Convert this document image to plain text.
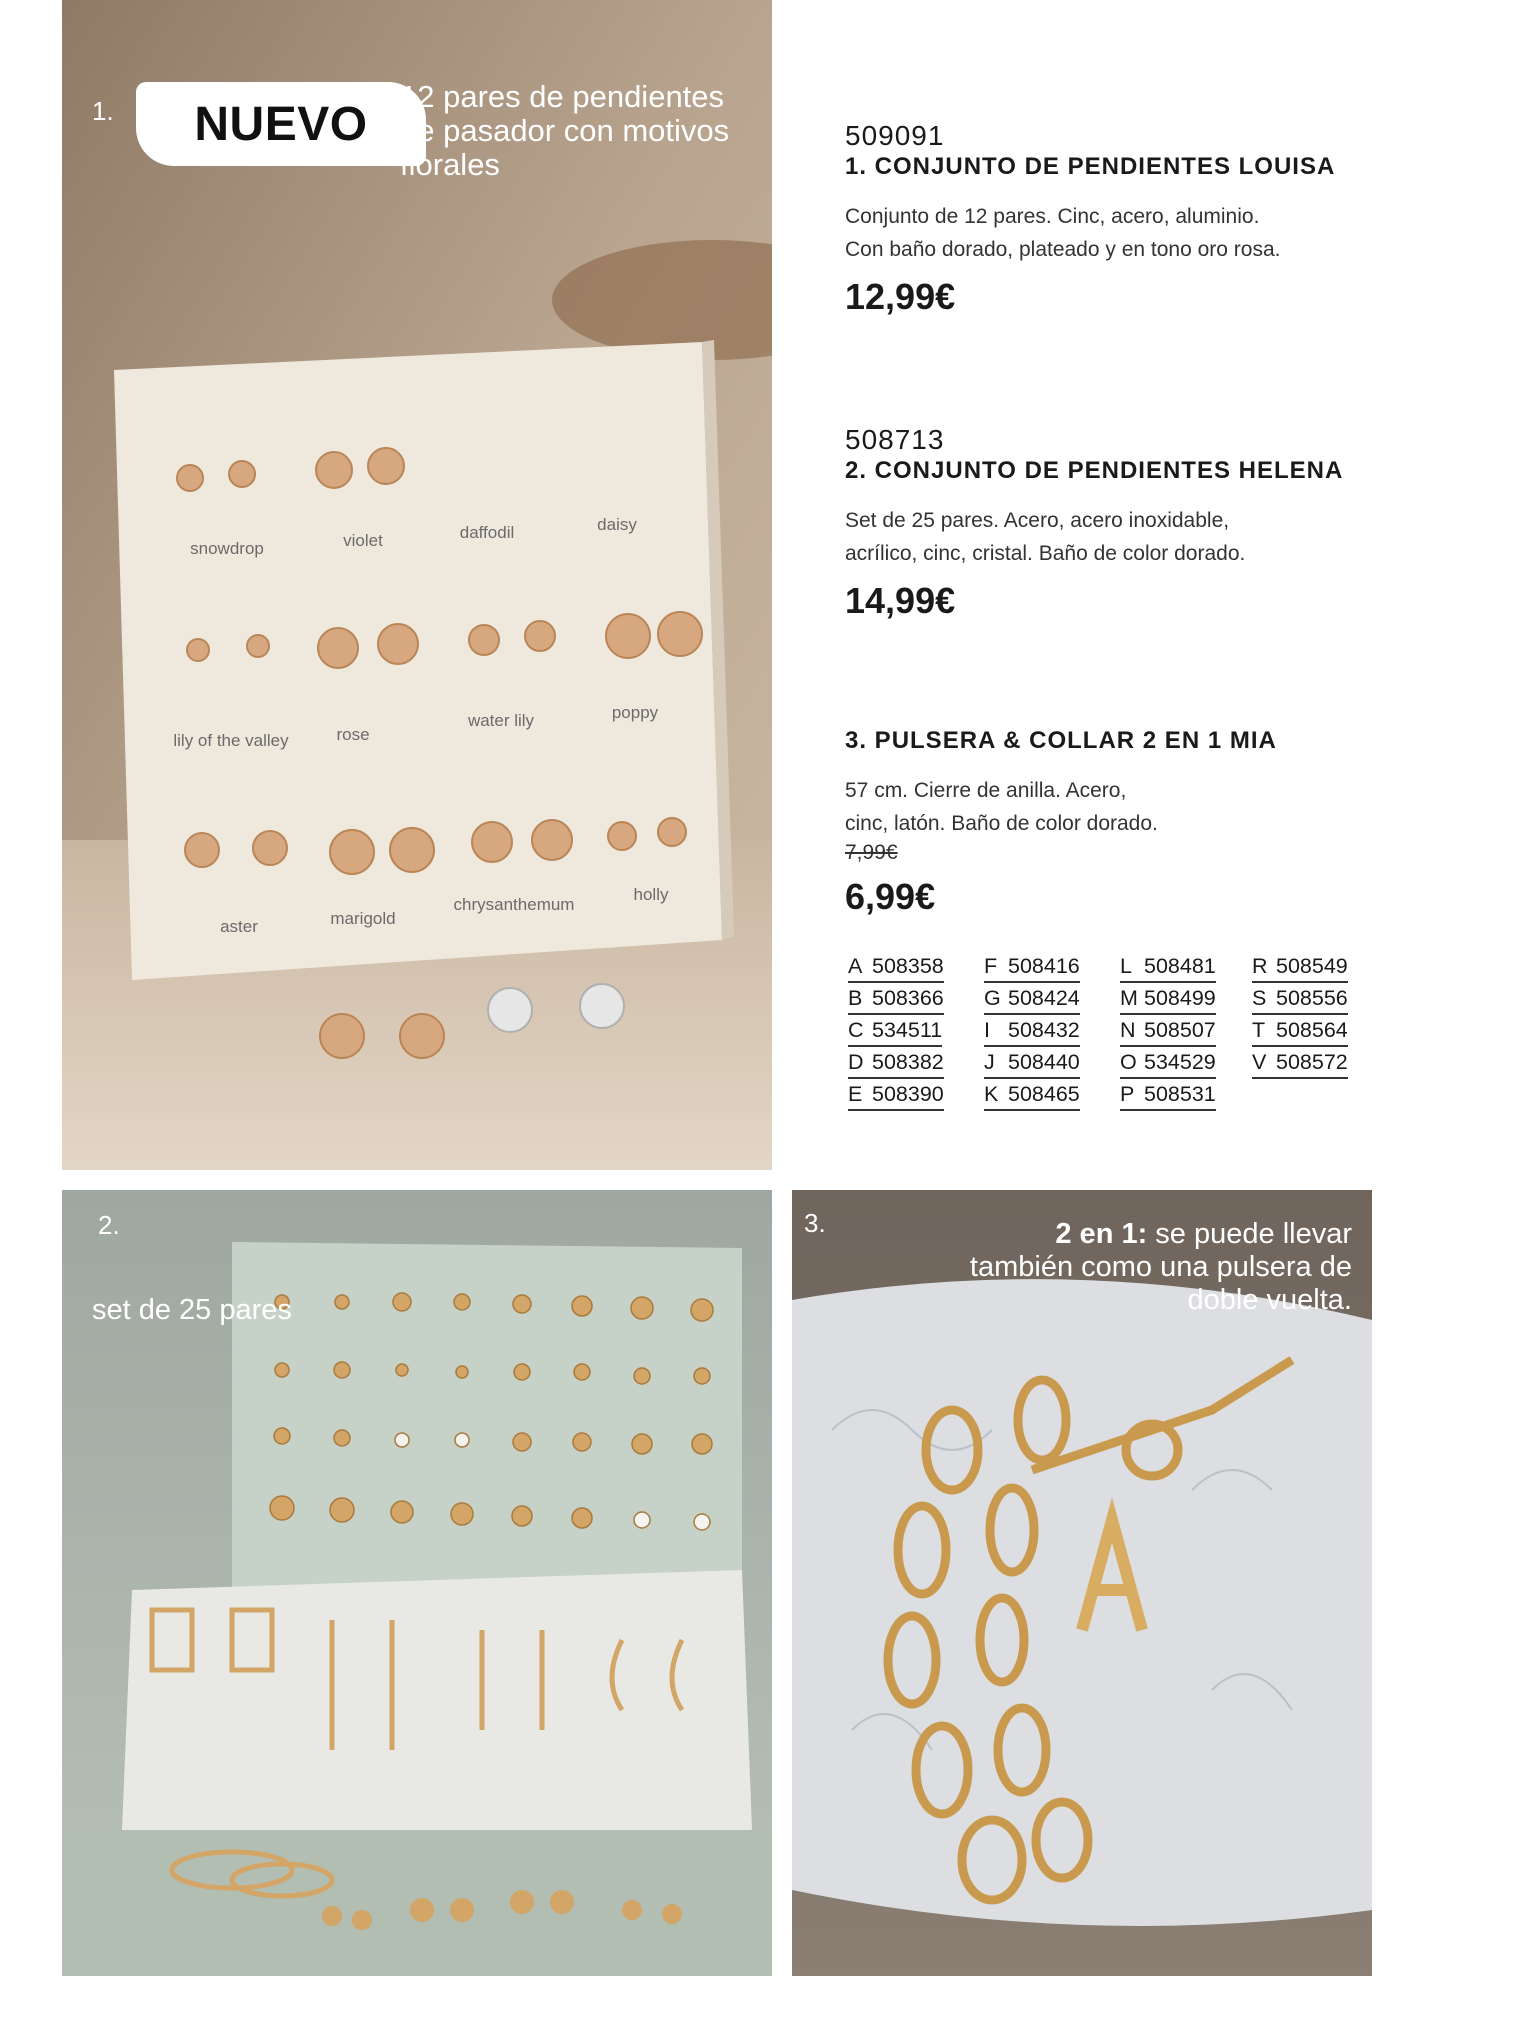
snowdrop	violet	daffodil	daisy
lily of the valley	rose
water lily	poppy
aster	marigold
chrysanthemum
holly
1.	NUEVO
12 pares de pendientes de pasador con motivos florales
2.
set de 25 pares
3.	2 en 1: se puede llevar también como una pulsera de doble vuelta.
509091
1. CONJUNTO DE PENDIENTES LOUISA
Conjunto de 12 pares. Cinc, acero, aluminio.
Con baño dorado, plateado y en tono oro rosa.
12,99€
508713
2. CONJUNTO DE PENDIENTES HELENA
Set de 25 pares. Acero, acero inoxidable,
acrílico, cinc, cristal. Baño de color dorado.
14,99€
3. PULSERA & COLLAR 2 EN 1 MIA
57 cm. Cierre de anilla. Acero,
cinc, latón. Baño de color dorado.
7,99€
6,99€
A 508358 F 508416 L 508481 R 508549
B 508366 G 508424 M 508499 S 508556
C 534511 I 508432 N 508507 T 508564
D 508382 J 508440 O 534529 V 508572
E 508390 K 508465 P 508531
